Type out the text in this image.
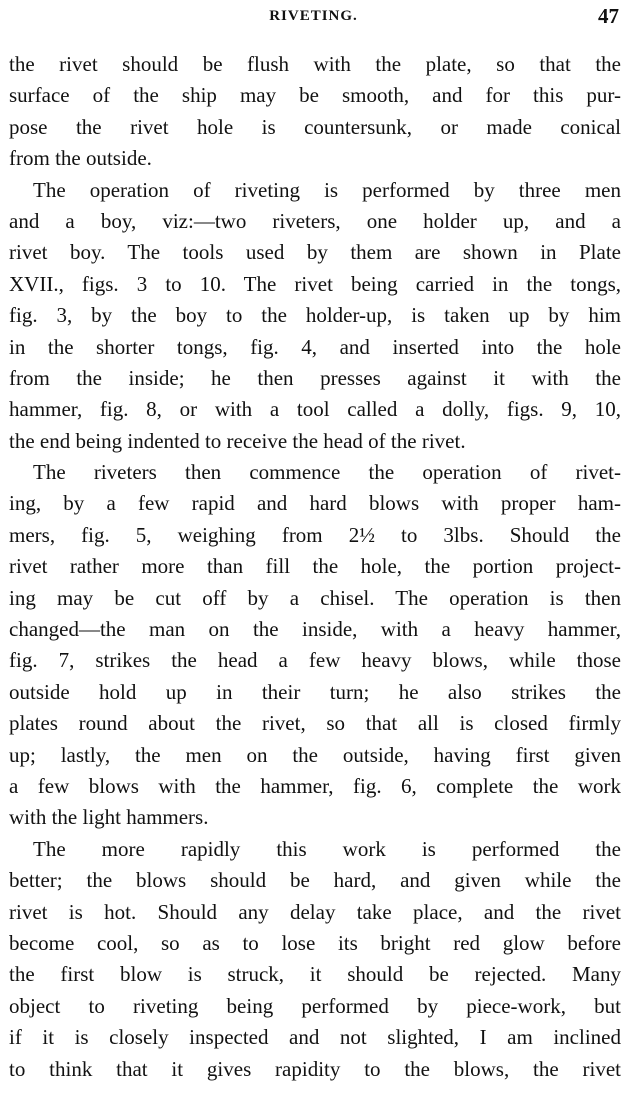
RIVETING.	47
the rivet should be flush with the plate, so that the
surface of the ship may be smooth, and for this pur-
pose the rivet hole is countersunk, or made conical
from the outside.
The operation of riveting is performed by three men
and a boy, viz:—two riveters, one holder up, and a
rivet boy. The tools used by them are shown in Plate
XVII., figs. 3 to 10. The rivet being carried in the tongs,
fig. 3, by the boy to the holder-up, is taken up by him
in the shorter tongs, fig. 4, and inserted into the hole
from the inside; he then presses against it with the
hammer, fig. 8, or with a tool called a dolly, figs. 9, 10,
the end being indented to receive the head of the rivet.
The riveters then commence the operation of rivet-
ing, by a few rapid and hard blows with proper ham-
mers, fig. 5, weighing from 2½ to 3lbs. Should the
rivet rather more than fill the hole, the portion project-
ing may be cut off by a chisel. The operation is then
changed—the man on the inside, with a heavy hammer,
fig. 7, strikes the head a few heavy blows, while those
outside hold up in their turn; he also strikes the
plates round about the rivet, so that all is closed firmly
up; lastly, the men on the outside, having first given
a few blows with the hammer, fig. 6, complete the work
with the light hammers.
The more rapidly this work is performed the
better; the blows should be hard, and given while the
rivet is hot. Should any delay take place, and the rivet
become cool, so as to lose its bright red glow before
the first blow is struck, it should be rejected. Many
object to riveting being performed by piece-work, but
if it is closely inspected and not slighted, I am inclined
to think that it gives rapidity to the blows, the rivet
